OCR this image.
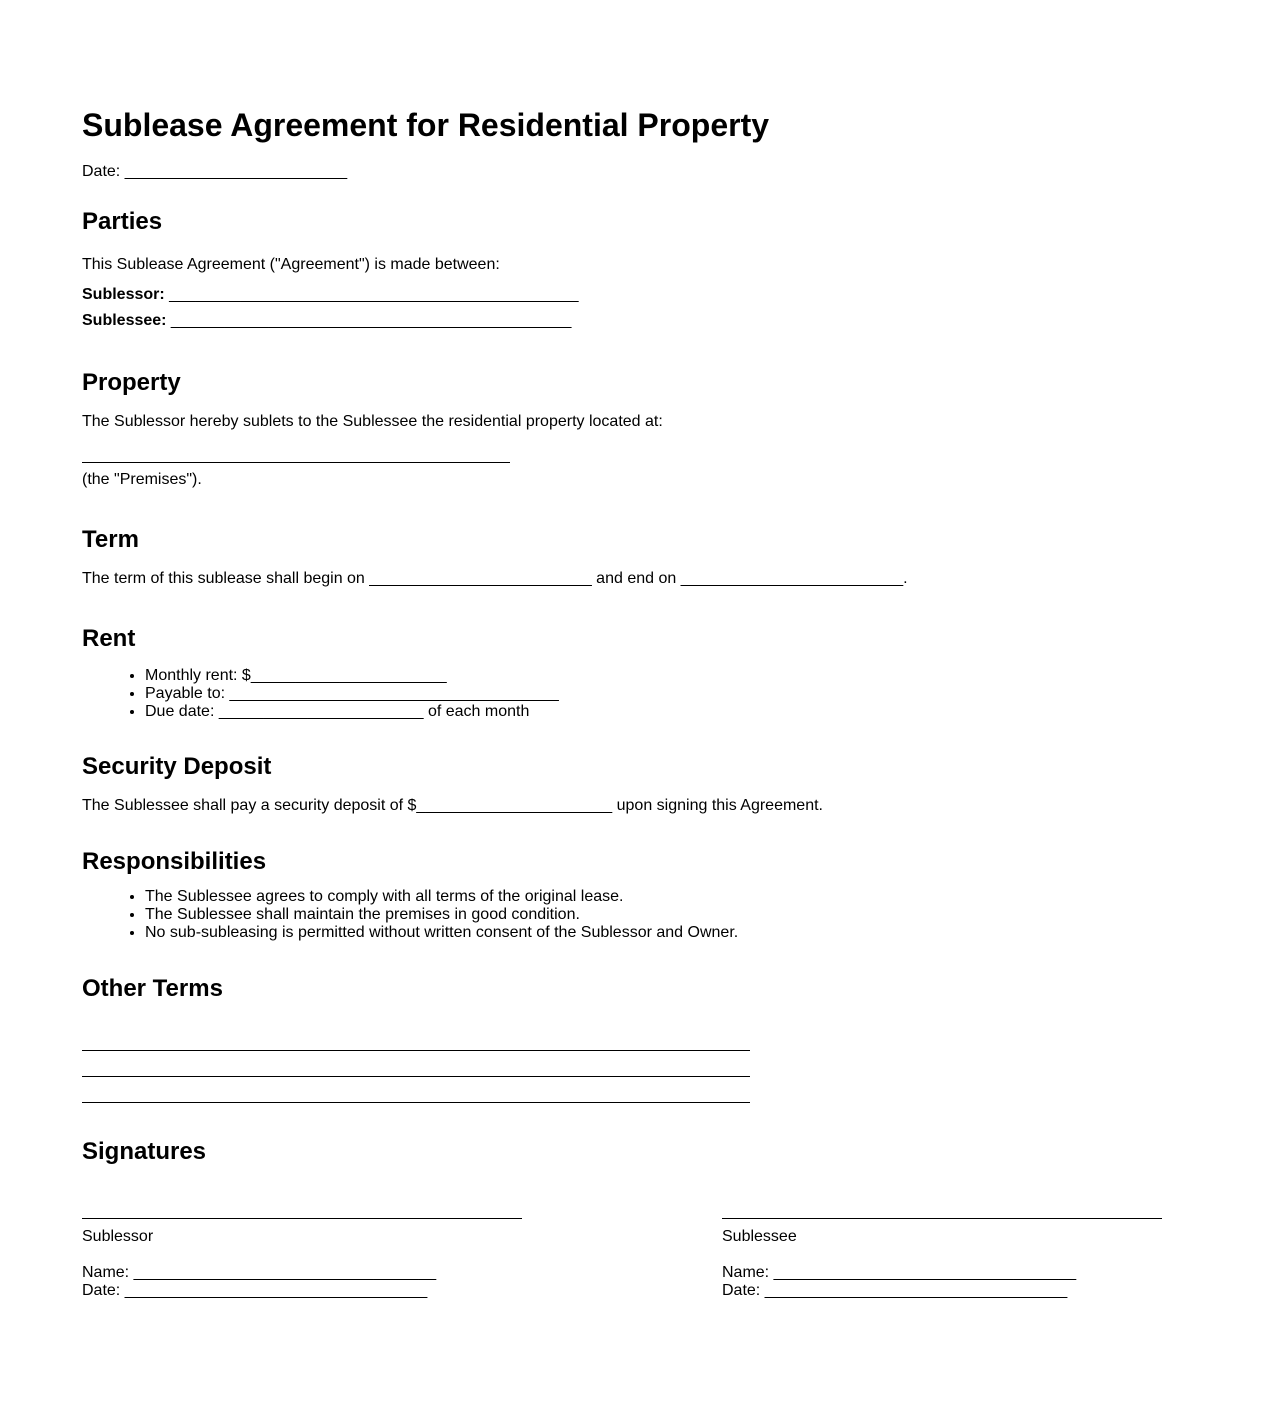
Sublease Agreement for Residential Property

Date: _________________________

Parties

This Sublease Agreement ("Agreement") is made between:

Sublessor: ______________________________________________

Sublessee: _____________________________________________

Property

The Sublessor hereby sublets to the Sublessee the residential property located at:

(the "Premises").

Term

The term of this sublease shall begin on _________________________ and end on _________________________.

Rent
• Monthly rent: $______________________
• Payable to: _____________________________________
• Due date: _______________________ of each month
Security Deposit

The Sublessee shall pay a security deposit of $______________________ upon signing this Agreement.

Responsibilities
• The Sublessee agrees to comply with all terms of the original lease.
• The Sublessee shall maintain the premises in good condition.
• No sub-subleasing is permitted without written consent of the Sublessor and Owner.
Other Terms
Signatures

Sublessor

Name: __________________________________

Date: __________________________________

Sublessee

Name: __________________________________

Date: __________________________________
